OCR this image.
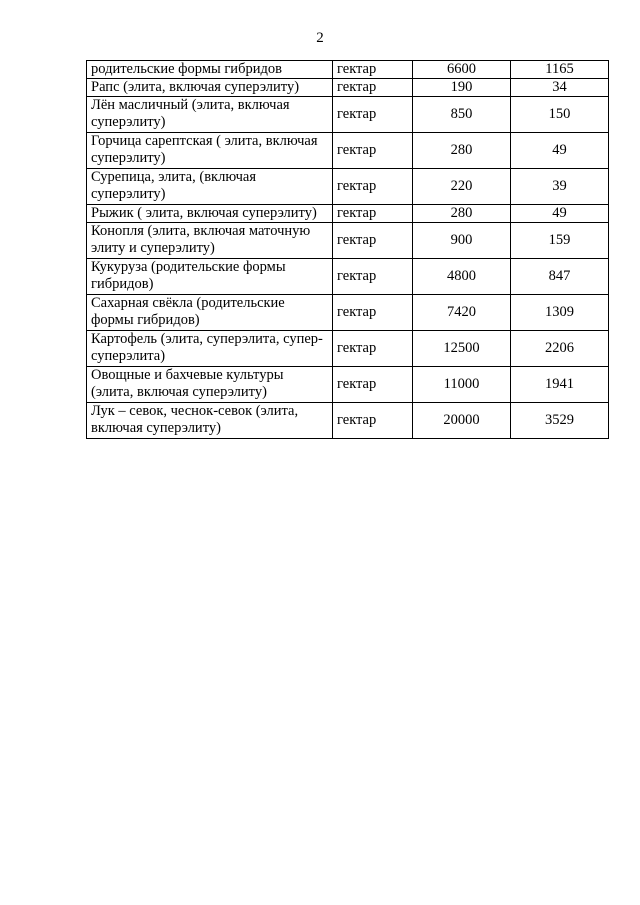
2
родительские формы гибридов	гектар	6600	1165
Рапс (элита, включая суперэлиту)	гектар	190	34
Лён масличный (элита, включая суперэлиту)	гектар	850	150
Горчица сарептская ( элита, включая суперэлиту)	гектар	280	49
Сурепица, элита, (включая суперэлиту)	гектар	220	39
Рыжик ( элита, включая суперэлиту)	гектар	280	49
Конопля (элита, включая маточную элиту и суперэлиту)	гектар	900	159
Кукуруза (родительские формы гибридов)	гектар	4800	847
Сахарная свёкла (родительские формы гибридов)	гектар	7420	1309
Картофель (элита, суперэлита, супер-суперэлита)	гектар	12500	2206
Овощные и бахчевые культуры (элита, включая суперэлиту)	гектар	11000	1941
Лук – севок, чеснок-севок (элита, включая суперэлиту)	гектар	20000	3529
